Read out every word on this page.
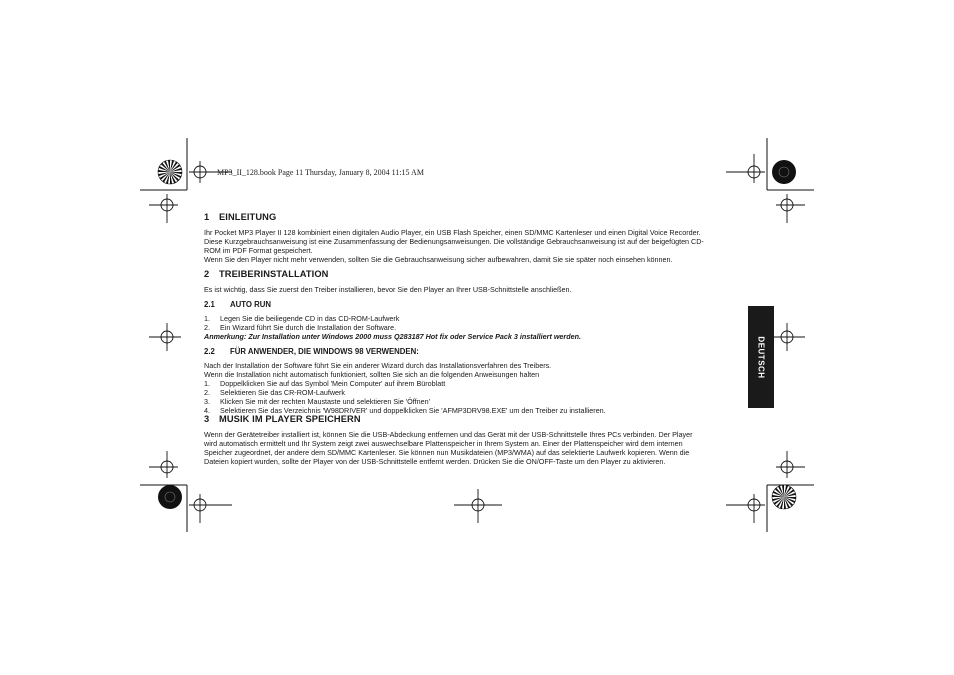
MP3_II_128.book Page 11 Thursday, January 8, 2004 11:15 AM
DEUTSCH
1 EINLEITUNG

Ihr Pocket MP3 Player II 128 kombiniert einen digitalen Audio Player, ein USB Flash Speicher, einen SD/MMC Kartenleser und einen Digital Voice Recorder.

Diese Kurzgebrauchsanweisung ist eine Zusammenfassung der Bedienungsanweisungen. Die vollständige Gebrauchsanweisung ist auf der beigefügten CD-

ROM im PDF Format gespeichert.

Wenn Sie den Player nicht mehr verwenden, sollten Sie die Gebrauchsanweisung sicher aufbewahren, damit Sie sie später noch einsehen können.

2 TREIBERINSTALLATION

Es ist wichtig, dass Sie zuerst den Treiber installieren, bevor Sie den Player an Ihrer USB-Schnittstelle anschließen.

2.1 AUTO RUN
1.	Legen Sie die beiliegende CD in das CD-ROM-Laufwerk
2.	Ein Wizard führt Sie durch die Installation der Software.

Anmerkung: Zur Installation unter Windows 2000 muss Q283187 Hot fix oder Service Pack 3 installiert werden.

2.2 FÜR ANWENDER, DIE WINDOWS 98 VERWENDEN:

Nach der Installation der Software führt Sie ein anderer Wizard durch das Installationsverfahren des Treibers.

Wenn die Installation nicht automatisch funktioniert, sollten Sie sich an die folgenden Anweisungen halten

1.	Doppelklicken Sie auf das Symbol 'Mein Computer' auf ihrem Büroblatt
2.	Selektieren Sie das CR-ROM-Laufwerk
3.	Klicken Sie mit der rechten Maustaste und selektieren Sie 'Öffnen'
4.	Selektieren Sie das Verzeichnis 'W98DRIVER' und doppelklicken Sie 'AFMP3DRV98.EXE' um den Treiber zu installieren.
3 MUSIK IM PLAYER SPEICHERN

Wenn der Gerätetreiber installiert ist, können Sie die USB-Abdeckung entfernen und das Gerät mit der USB-Schnittstelle Ihres PCs verbinden. Der Player

wird automatisch ermittelt und Ihr System zeigt zwei auswechselbare Plattenspeicher in Ihrem System an. Einer der Plattenspeicher wird dem internen

Speicher zugeordnet, der andere dem SD/MMC Kartenleser. Sie können nun Musikdateien (MP3/WMA) auf das selektierte Laufwerk kopieren. Wenn die

Dateien kopiert wurden, sollte der Player von der USB-Schnittstelle entfernt werden. Drücken Sie die ON/OFF-Taste um den Player zu aktivieren.
